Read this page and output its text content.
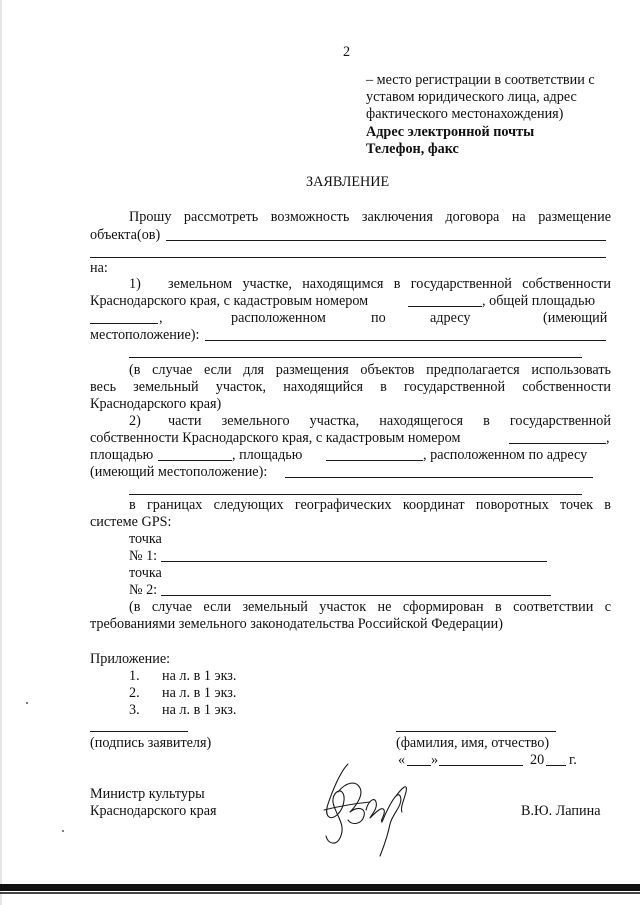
2
– место регистрации в соответствии с
уставом юридического лица, адрес
фактического местонахождения)
Адрес электронной почты
Телефон, факс
ЗАЯВЛЕНИЕ
Прошу рассмотреть возможность заключения договора на размещение
объекта(ов)
на:
1) земельном участке, находящимся в государственной собственности
Краснодарского края, с кадастровым номером	, общей площадью
,	расположенном	по	адресу	(имеющий
местоположение):
(в случае если для размещения объектов предполагается использовать
весь земельный участок, находящийся в государственной собственности
Краснодарского края)
2) части земельного участка, находящегося в государственной
собственности Краснодарского края, с кадастровым номером	,
площадью	, площадью	, расположенном по адресу
(имеющий местоположение):
в границах следующих географических координат поворотных точек в
системе GPS:
точка
№ 1:
точка
№ 2:
(в случае если земельный участок не сформирован в соответствии с
требованиями земельного законодательства Российской Федерации)
Приложение:
1. на л. в 1 экз.
2. на л. в 1 экз.
3. на л. в 1 экз.
(подпись заявителя)	(фамилия, имя, отчество)
« »	20 г.
Министр культуры
Краснодарского края	В.Ю. Лапина
